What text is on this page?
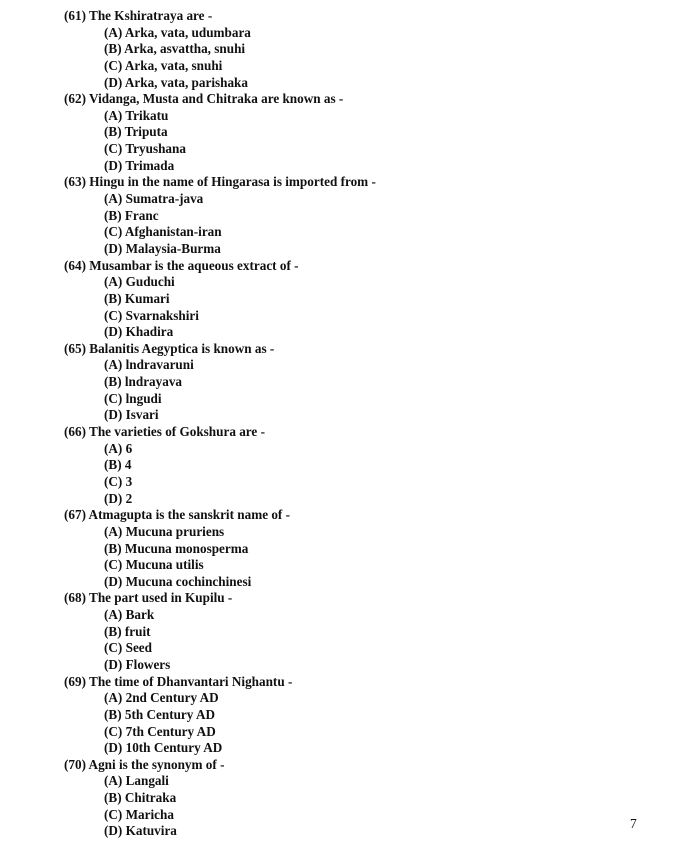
(61) The Kshiratraya are -
(A) Arka, vata, udumbara
(B) Arka, asvattha, snuhi
(C) Arka, vata, snuhi
(D) Arka, vata, parishaka
(62) Vidanga, Musta and Chitraka are known as -
(A) Trikatu
(B) Triputa
(C) Tryushana
(D) Trimada
(63) Hingu in the name of Hingarasa is imported from -
(A) Sumatra-java
(B) Franc
(C) Afghanistan-iran
(D) Malaysia-Burma
(64) Musambar is the aqueous extract of -
(A) Guduchi
(B) Kumari
(C) Svarnakshiri
(D) Khadira
(65) Balanitis Aegyptica is known as -
(A) lndravaruni
(B) lndrayava
(C) lngudi
(D) Isvari
(66) The varieties of Gokshura are -
(A) 6
(B) 4
(C) 3
(D) 2
(67) Atmagupta is the sanskrit name of -
(A) Mucuna pruriens
(B) Mucuna monosperma
(C) Mucuna utilis
(D) Mucuna cochinchinesi
(68) The part used in Kupilu -
(A) Bark
(B) fruit
(C) Seed
(D) Flowers
(69) The time of Dhanvantari Nighantu -
(A) 2nd Century AD
(B) 5th Century AD
(C) 7th Century AD
(D) 10th Century AD
(70) Agni is the synonym of -
(A) Langali
(B) Chitraka
(C) Maricha
(D) Katuvira	7
